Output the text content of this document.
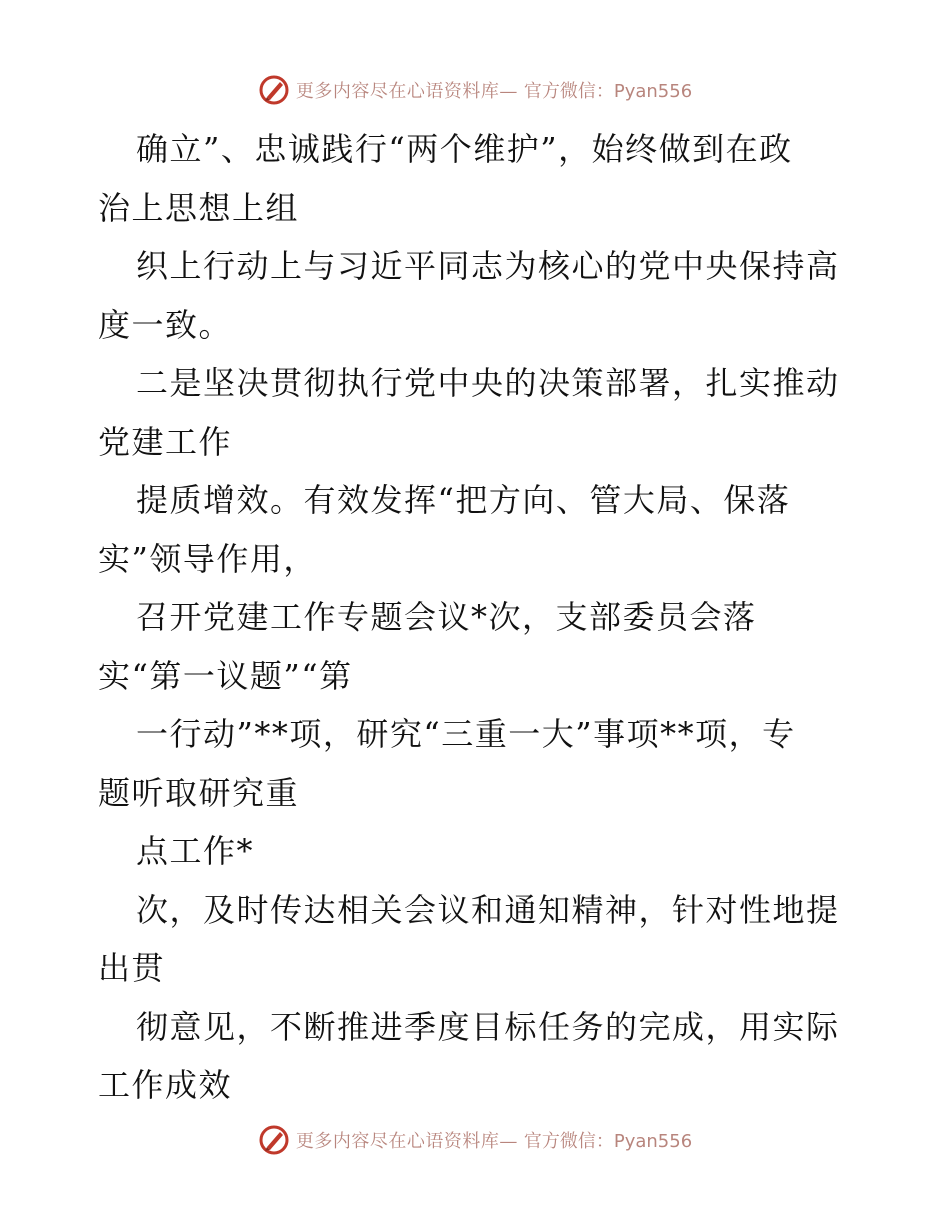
更多内容尽在心语资料库— 官方微信：Pyan556
确立”、忠诚践行“两个维护”，始终做到在政
治上思想上组
织上行动上与习近平同志为核心的党中央保持高
度一致。
二是坚决贯彻执行党中央的决策部署，扎实推动
党建工作
提质增效。有效发挥“把方向、管大局、保落
实”领导作用，
召开党建工作专题会议*次，支部委员会落
实“第一议题”“第
一行动”**项，研究“三重一大”事项**项，专
题听取研究重
点工作*
次，及时传达相关会议和通知精神，针对性地提
出贯
彻意见，不断推进季度目标任务的完成，用实际
工作成效
更多内容尽在心语资料库— 官方微信：Pyan556
